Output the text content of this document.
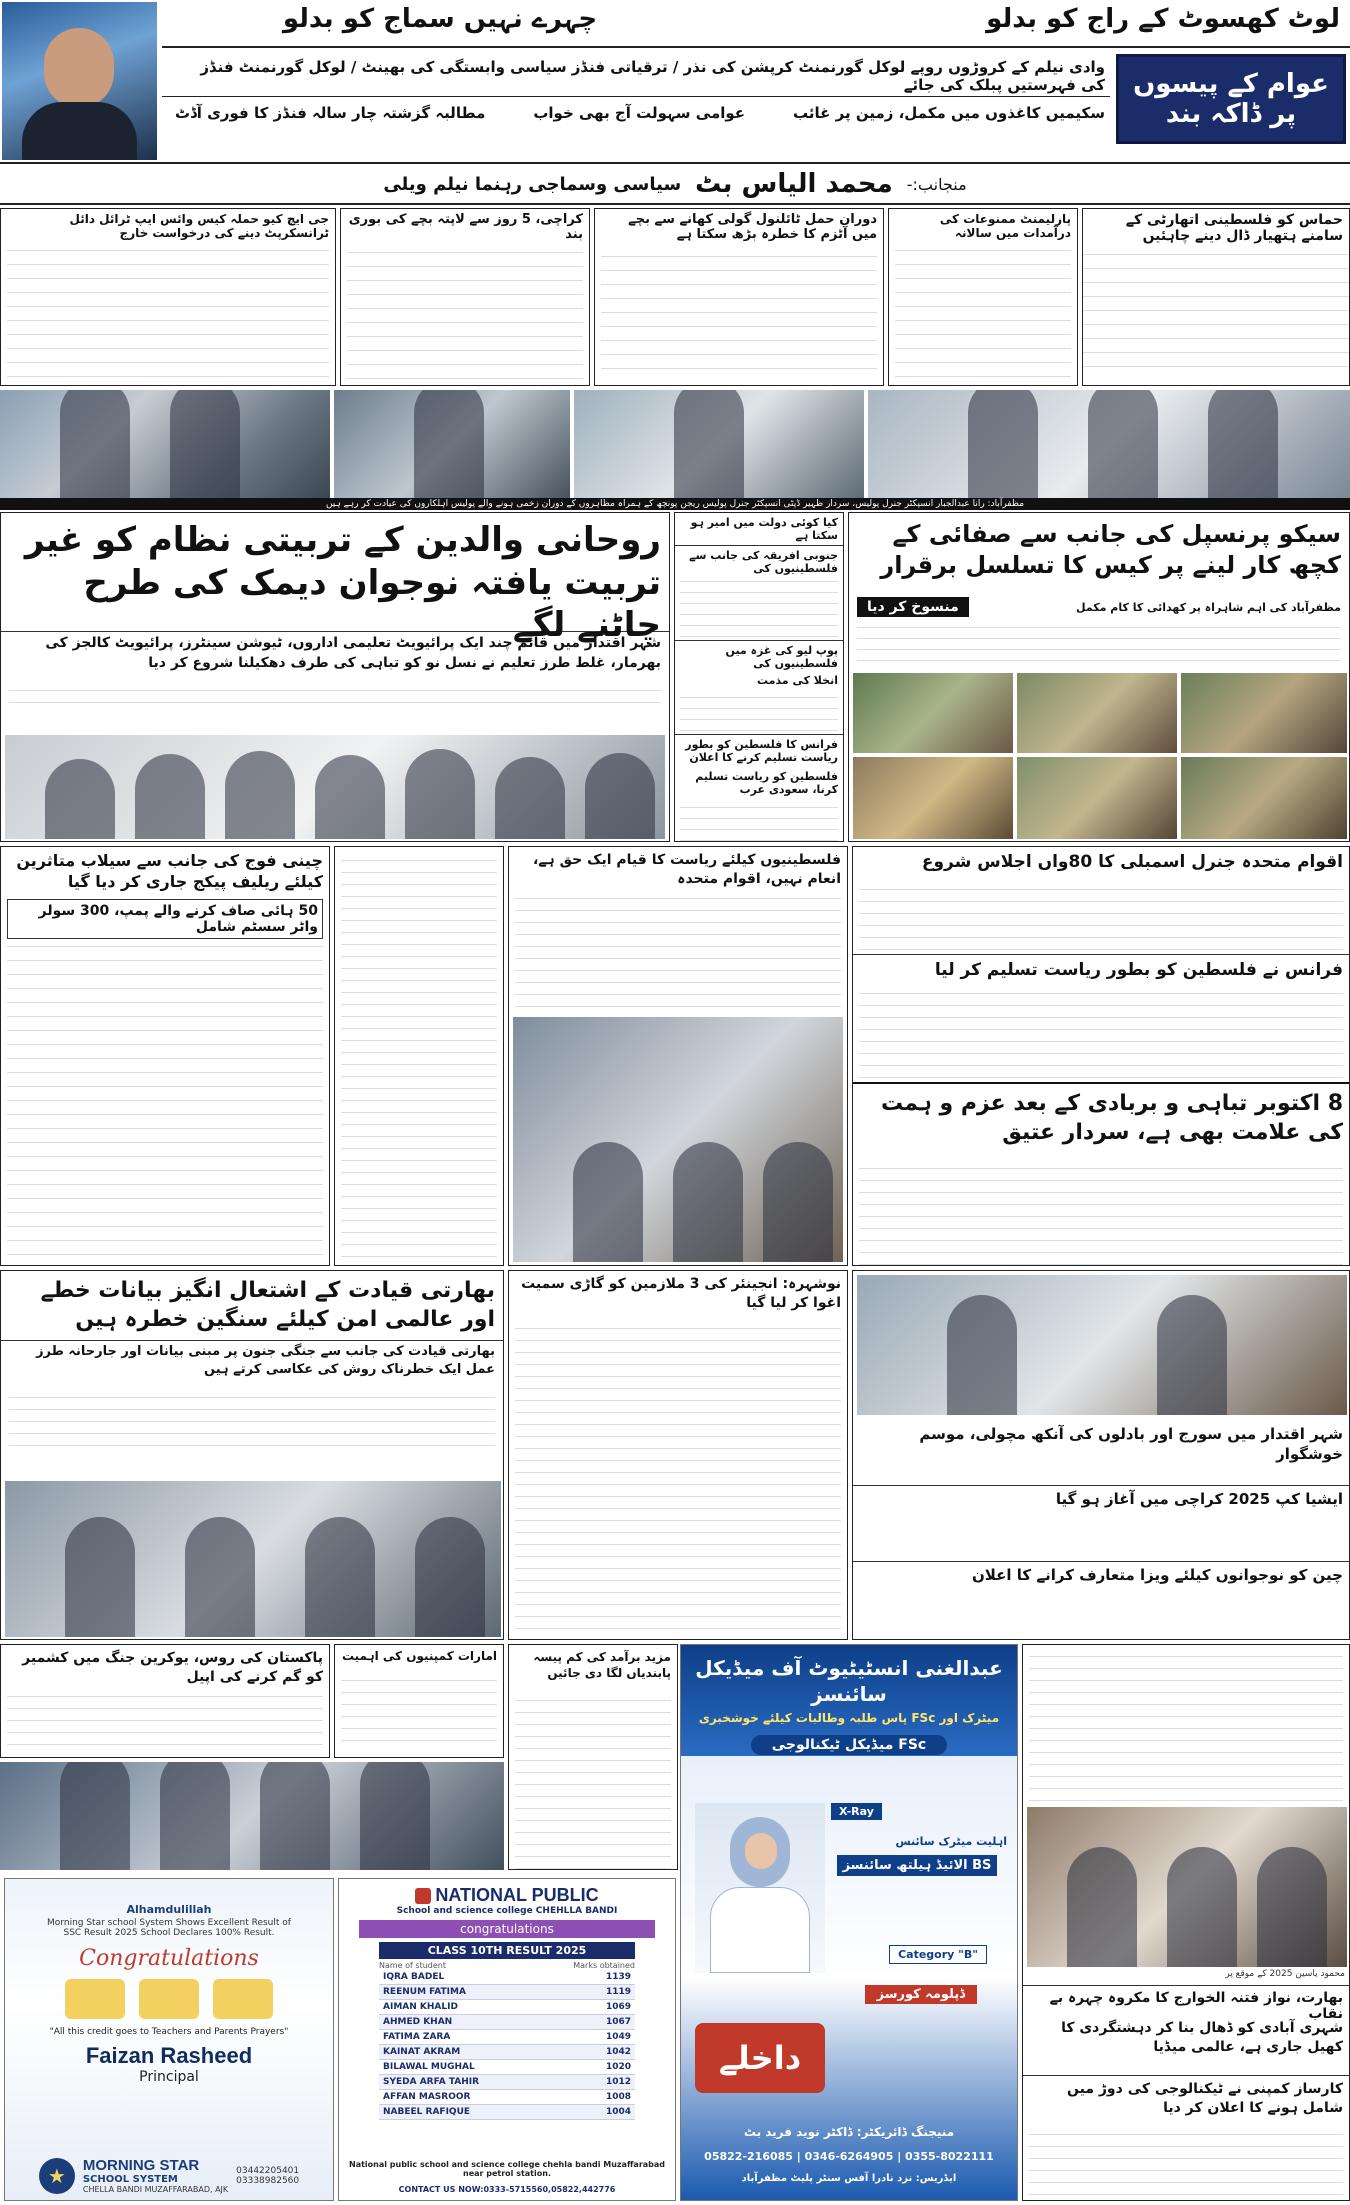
لوٹ کھسوٹ کے راج کو بدلو
چہرے نہیں سماج کو بدلو
عوام کے پیسوں پر ڈاکہ بند
وادی نیلم کے کروڑوں روپے لوکل گورنمنٹ کرپشن کی نذر / ترقیاتی فنڈز سیاسی وابستگی کی بھینٹ / لوکل گورنمنٹ فنڈز کی فہرستیں پبلک کی جائے
سکیمیں کاغذوں میں مکمل، زمین پر غائب
عوامی سہولت آج بھی خواب
مطالبہ گزشتہ چار سالہ فنڈز کا فوری آڈٹ
منجانب:-
محمد الیاس بٹ
سیاسی وسماجی رہنما نیلم ویلی
حماس کو فلسطینی اتھارٹی کے سامنے ہتھیار ڈال دینے چاہئیں
پارلیمنٹ ممنوعات کی درآمدات میں سالانہ
دوران حمل ٹائلنول گولی کھانے سے بچے میں آٹزم کا خطرہ بڑھ سکتا ہے
کراچی، 5 روز سے لاپتہ بچے کی بوری بند
جی ایچ کیو حملہ کیس وائس ایپ ٹرائل دائل ٹرانسکرپٹ دینے کی درخواست خارج
مظفرآباد: رانا عبدالجبار انسپکٹر جنرل پولیس، سردار ظہیر ڈپٹی انسپکٹر جنرل پولیس ریجن پونچھ کے ہمراہ مظاہروں کے دوران زخمی ہونے والے پولیس اہلکاروں کی عیادت کر رہے ہیں
روحانی والدین کے تربیتی نظام کو غیر تربیت یافتہ نوجوان دیمک کی طرح چاٹنے لگے
شہر اقتدار میں قائم چند ایک پرائیویٹ تعلیمی اداروں، ٹیوشن سینٹرز، پرائیویٹ کالجز کی بھرمار، غلط طرز تعلیم نے نسل نو کو تباہی کی طرف دھکیلنا شروع کر دیا
کیا کوئی دولت میں امیر ہو سکتا ہے
جنوبی افریقہ کی جانب سے فلسطینیوں کی
پوپ لیو کی غزہ میں فلسطینیوں کی
انخلا کی مذمت
فرانس کا فلسطین کو بطور ریاست تسلیم کرنے کا اعلان
فلسطین کو ریاست تسلیم کرنا، سعودی عرب
سیکو پرنسپل کی جانب سے صفائی کے کچھ کار لینے پر کیس کا تسلسل برقرار
مظفرآباد کی اہم شاہراہ پر کھدائی کا کام مکمل
منسوخ کر دیا
چینی فوج کی جانب سے سیلاب متاثرین کیلئے ریلیف پیکج جاری کر دیا گیا
50 ہائی صاف کرنے والے پمپ، 300 سولر واٹر سسٹم شامل
فلسطینیوں کیلئے ریاست کا قیام ایک حق ہے، انعام نہیں، اقوام متحدہ
اقوام متحدہ جنرل اسمبلی کا 80واں اجلاس شروع
فرانس نے فلسطین کو بطور ریاست تسلیم کر لیا
8 اکتوبر تباہی و بربادی کے بعد عزم و ہمت کی علامت بھی ہے، سردار عتیق
بھارتی قیادت کے اشتعال انگیز بیانات خطے اور عالمی امن کیلئے سنگین خطرہ ہیں
بھارتی قیادت کی جانب سے جنگی جنون پر مبنی بیانات اور جارحانہ طرز عمل ایک خطرناک روش کی عکاسی کرتے ہیں
نوشہرہ: انجینئر کی 3 ملازمین کو گاڑی سمیت اغوا کر لیا گیا
شہر اقتدار میں سورج اور بادلوں کی آنکھ مچولی، موسم خوشگوار
ایشیا کپ 2025 کراچی میں آغاز ہو گیا
چین کو نوجوانوں کیلئے ویزا متعارف کرانے کا اعلان
پاکستان کی روس، یوکرین جنگ میں کشمیر کو گم کرنے کی اپیل
امارات کمپنیوں کی اہمیت	مزید برآمد کی کم پیسہ پابندیاں لگا دی جائیں
Alhamdulillah
Morning Star school System Shows Excellent Result of SSC Result 2025 School Declares 100% Result.
Congratulations
"All this credit goes to Teachers and Parents Prayers"
Faizan Rasheed
Principal
★	MORNING STAR
SCHOOL SYSTEM
CHELLA BANDI MUZAFFARABAD, AJK
03442205401
03338982560
NATIONAL PUBLIC
School and science college CHEHLLA BANDI
congratulations
CLASS 10TH RESULT 2025
Name of student	Marks obtained
IQRA BADEL	1139
REENUM FATIMA	1119
AIMAN KHALID	1069
AHMED KHAN	1067
FATIMA ZARA	1049
KAINAT AKRAM	1042
BILAWAL MUGHAL	1020
SYEDA ARFA TAHIR	1012
AFFAN MASROOR	1008
NABEEL RAFIQUE	1004
National public school and science college chehla bandi Muzaffarabad near petrol station.
CONTACT US NOW:0333-5715560,05822,442776
عبدالغنی انسٹیٹیوٹ آف میڈیکل سائنسز
میٹرک اور FSc پاس طلبہ وطالبات کیلئے خوشخبری
FSc میڈیکل ٹیکنالوجی
X-Ray
اہلیت میٹرک سائنس
BS الائیڈ ہیلتھ سائنسز
Category "B"
ڈپلومہ کورسز
داخلے
منیجنگ ڈائریکٹر: ڈاکٹر نوید فرید بٹ
05822-216085 | 0346-6264905 | 0355-8022111
ایڈریس: نزد نادرا آفس سنٹر پلیٹ مظفرآباد
محمود یاسین 2025 کے موقع پر
بھارت، نواز فتنہ الخوارج کا مکروہ چہرہ بے نقاب
شہری آبادی کو ڈھال بنا کر دہشتگردی کا کھیل جاری ہے، عالمی میڈیا
کارساز کمپنی نے ٹیکنالوجی کی دوڑ میں شامل ہونے کا اعلان کر دیا
